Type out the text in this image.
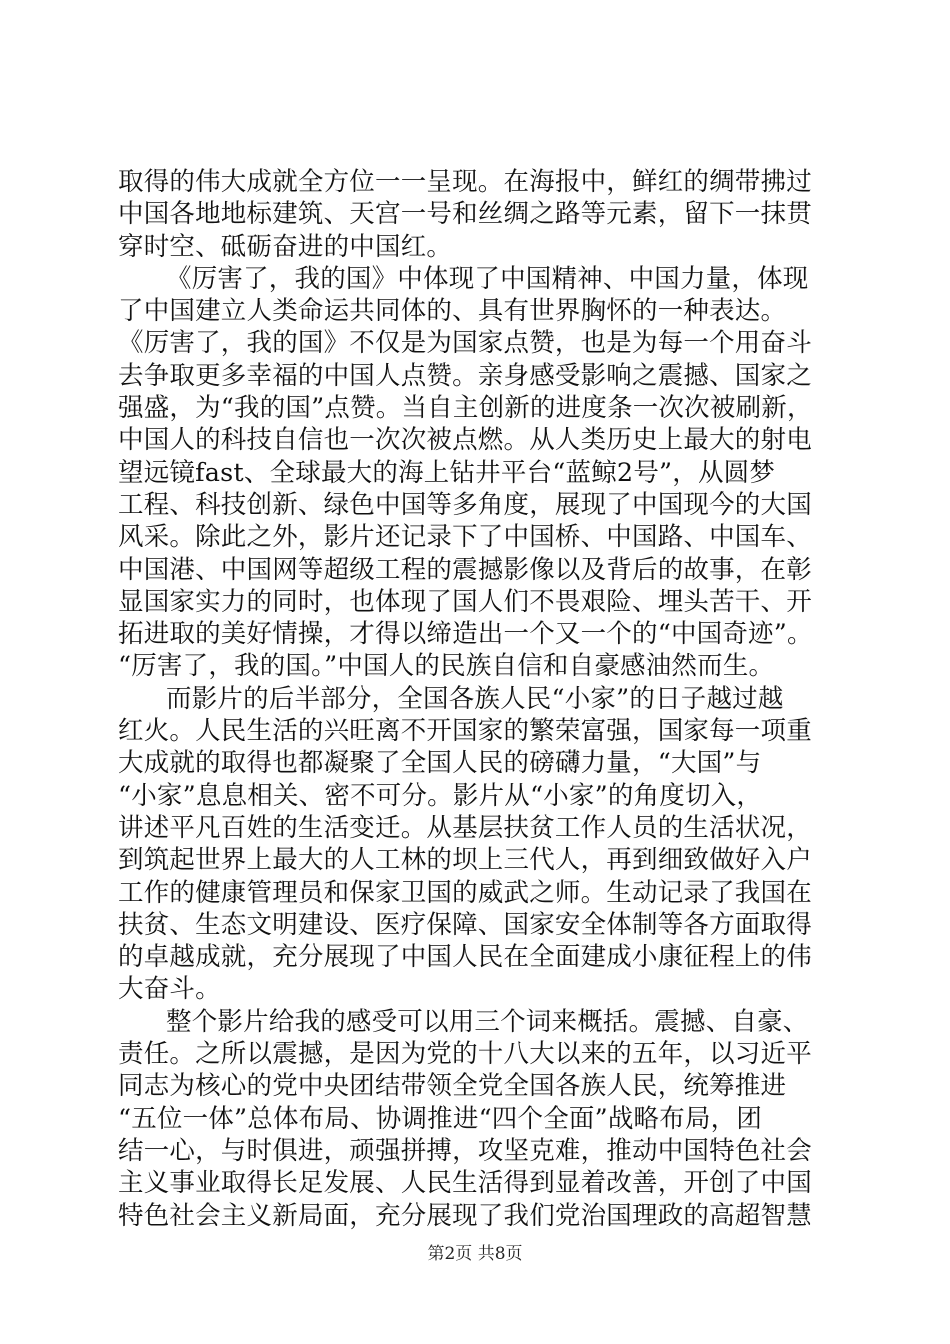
取得的伟大成就全方位一一呈现。在海报中，鲜红的绸带拂过
中国各地地标建筑、天宫一号和丝绸之路等元素，留下一抹贯
穿时空、砥砺奋进的中国红。
《厉害了，我的国》中体现了中国精神、中国力量，体现
了中国建立人类命运共同体的、具有世界胸怀的一种表达。
《厉害了，我的国》不仅是为国家点赞，也是为每一个用奋斗
去争取更多幸福的中国人点赞。亲身感受影响之震撼、国家之
强盛，为“我的国”点赞。当自主创新的进度条一次次被刷新，
中国人的科技自信也一次次被点燃。从人类历史上最大的射电
望远镜fast、全球最大的海上钻井平台“蓝鲸2号”，从圆梦
工程、科技创新、绿色中国等多角度，展现了中国现今的大国
风采。除此之外，影片还记录下了中国桥、中国路、中国车、
中国港、中国网等超级工程的震撼影像以及背后的故事，在彰
显国家实力的同时，也体现了国人们不畏艰险、埋头苦干、开
拓进取的美好情操，才得以缔造出一个又一个的“中国奇迹”。
“厉害了，我的国。”中国人的民族自信和自豪感油然而生。
而影片的后半部分，全国各族人民“小家”的日子越过越
红火。人民生活的兴旺离不开国家的繁荣富强，国家每一项重
大成就的取得也都凝聚了全国人民的磅礴力量，“大国”与
“小家”息息相关、密不可分。影片从“小家”的角度切入，
讲述平凡百姓的生活变迁。从基层扶贫工作人员的生活状况，
到筑起世界上最大的人工林的坝上三代人，再到细致做好入户
工作的健康管理员和保家卫国的威武之师。生动记录了我国在
扶贫、生态文明建设、医疗保障、国家安全体制等各方面取得
的卓越成就，充分展现了中国人民在全面建成小康征程上的伟
大奋斗。
整个影片给我的感受可以用三个词来概括。震撼、自豪、
责任。之所以震撼，是因为党的十八大以来的五年，以习近平
同志为核心的党中央团结带领全党全国各族人民，统筹推进
“五位一体”总体布局、协调推进“四个全面”战略布局，团
结一心，与时俱进，顽强拼搏，攻坚克难，推动中国特色社会
主义事业取得长足发展、人民生活得到显着改善，开创了中国
特色社会主义新局面，充分展现了我们党治国理政的高超智慧
第2页 共8页
